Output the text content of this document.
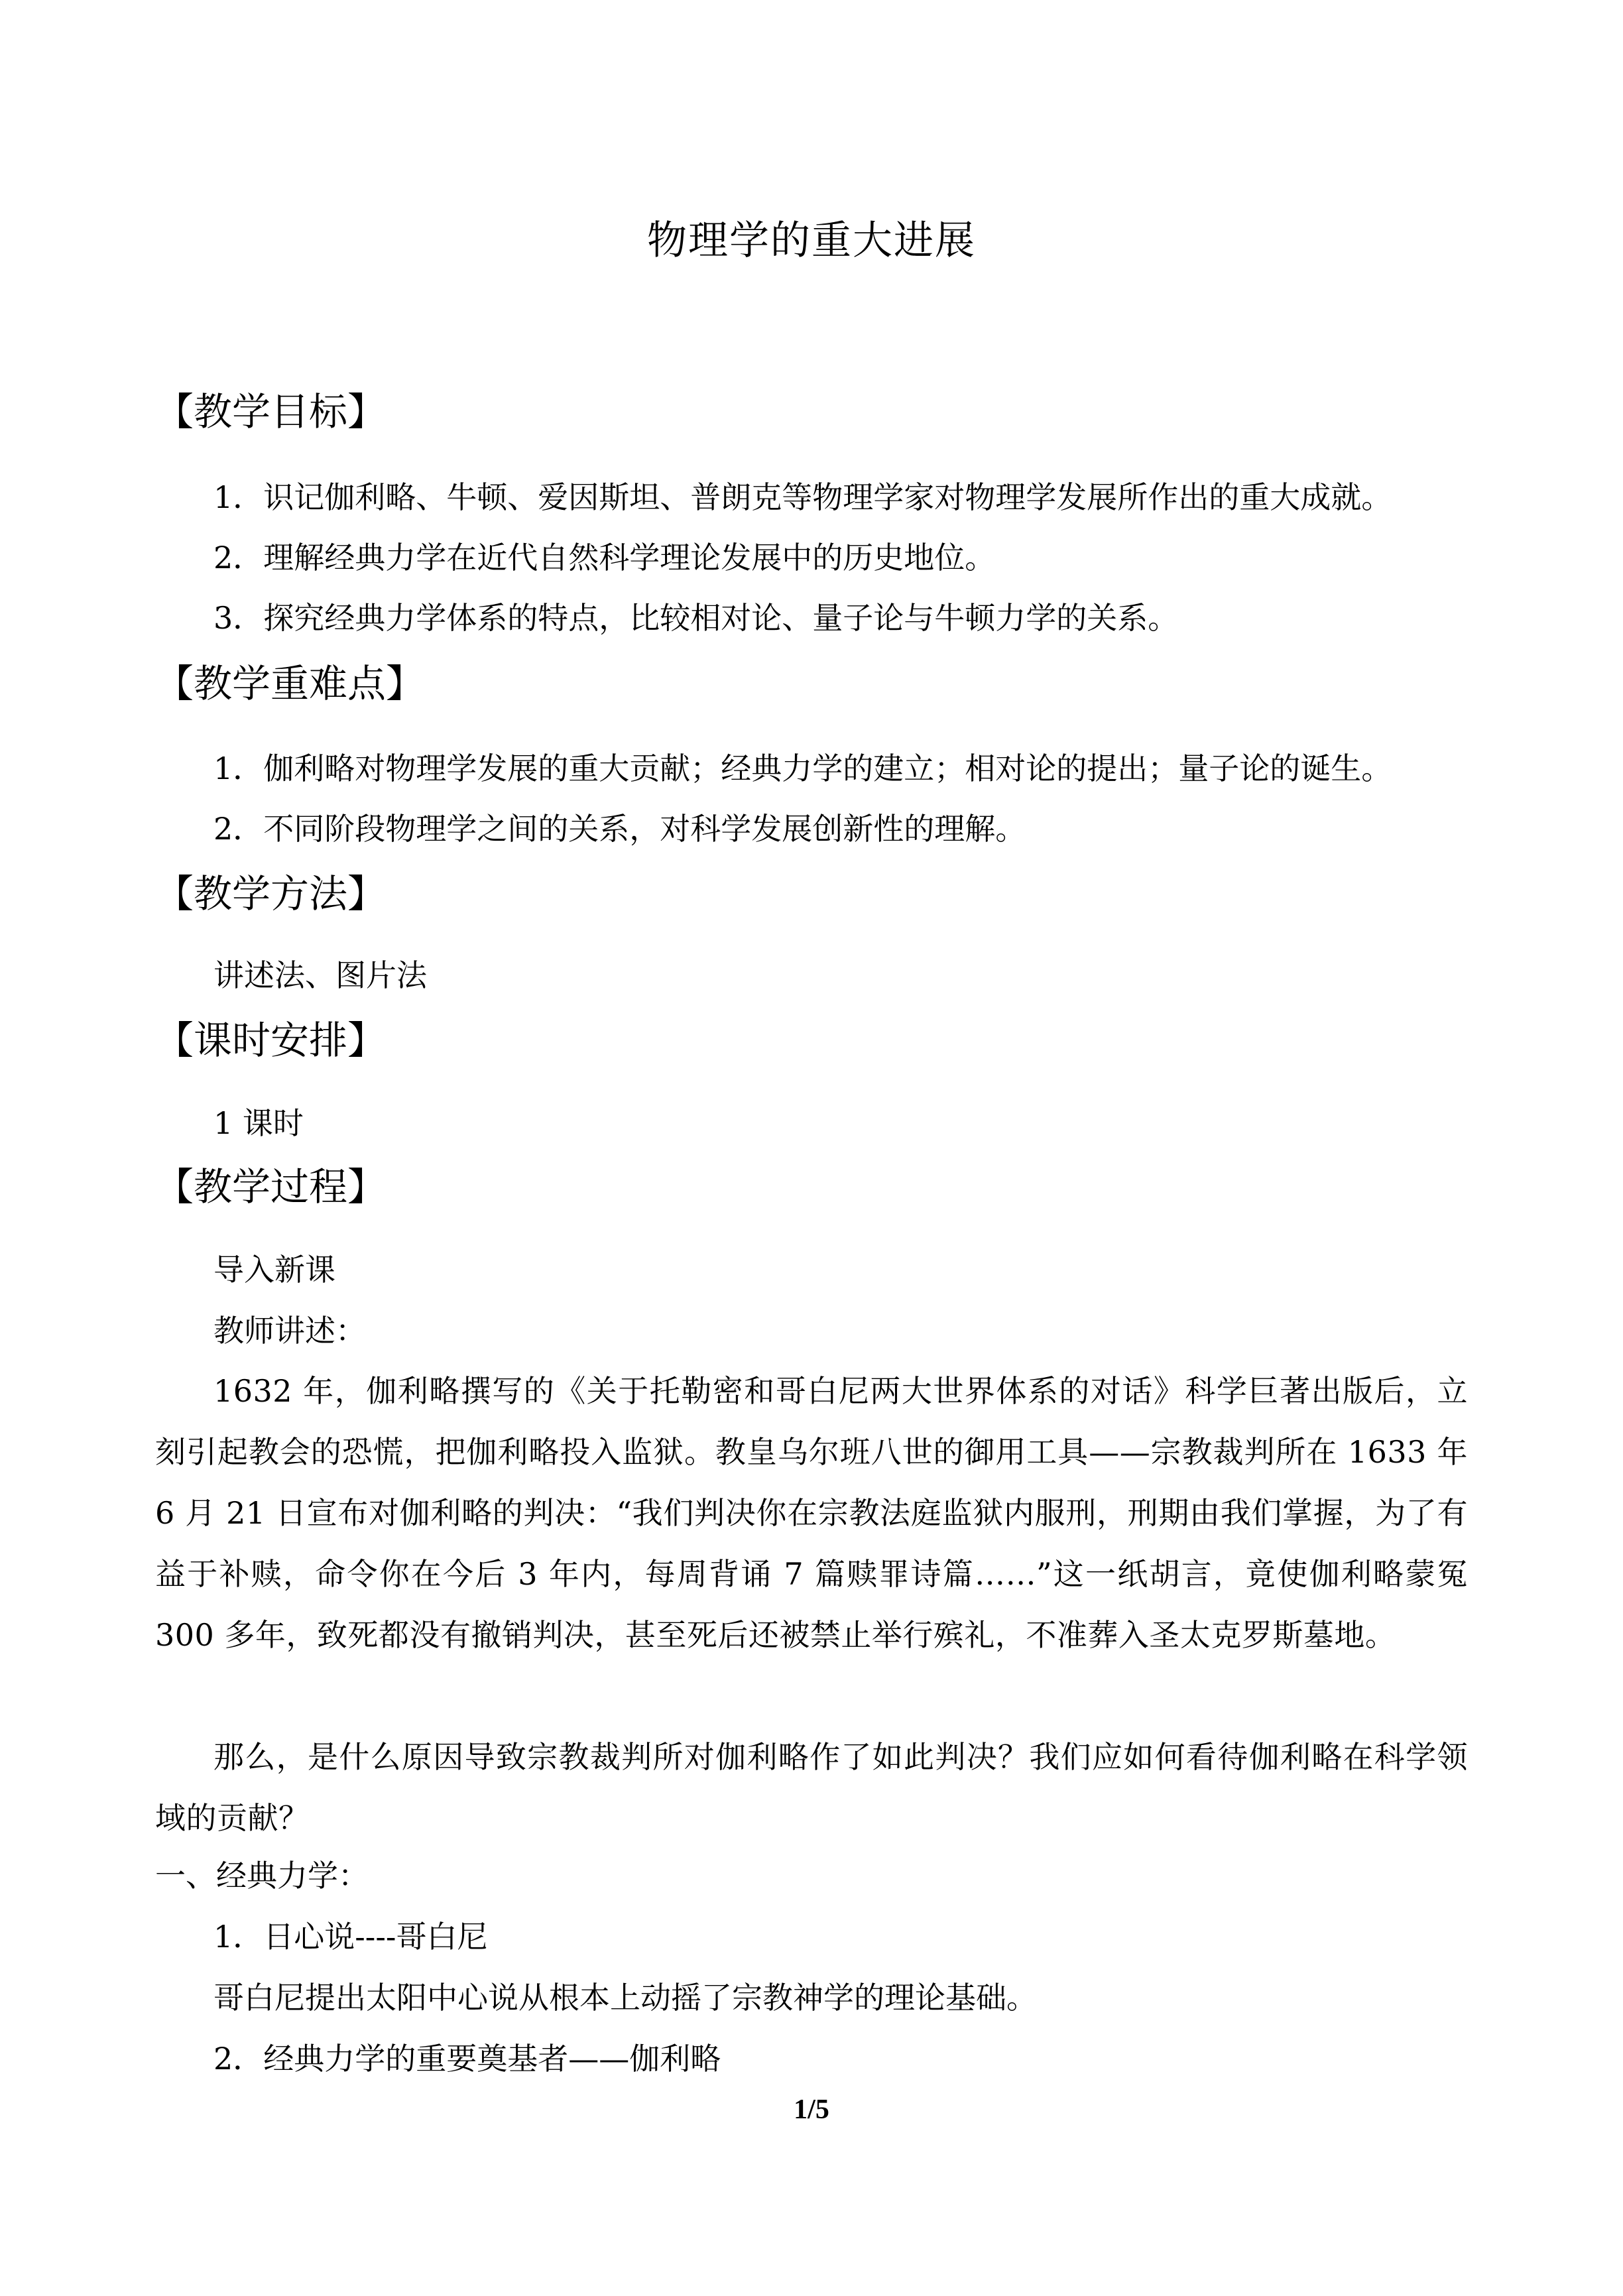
物理学的重大进展
【教学目标】
1．识记伽利略、牛顿、爱因斯坦、普朗克等物理学家对物理学发展所作出的重大成就。
2．理解经典力学在近代自然科学理论发展中的历史地位。
3．探究经典力学体系的特点，比较相对论、量子论与牛顿力学的关系。
【教学重难点】
1．伽利略对物理学发展的重大贡献；经典力学的建立；相对论的提出；量子论的诞生。
2．不同阶段物理学之间的关系，对科学发展创新性的理解。
【教学方法】
讲述法、图片法
【课时安排】
1 课时
【教学过程】
导入新课
教师讲述：
1632 年，伽利略撰写的《关于托勒密和哥白尼两大世界体系的对话》科学巨著出版后，立刻引起教会的恐慌，把伽利略投入监狱。教皇乌尔班八世的御用工具——宗教裁判所在 1633 年 6 月 21 日宣布对伽利略的判决：“我们判决你在宗教法庭监狱内服刑，刑期由我们掌握，为了有益于补赎，命令你在今后 3 年内，每周背诵 7 篇赎罪诗篇……”这一纸胡言，竟使伽利略蒙冤 300 多年，致死都没有撤销判决，甚至死后还被禁止举行殡礼，不准葬入圣太克罗斯墓地。
那么，是什么原因导致宗教裁判所对伽利略作了如此判决？我们应如何看待伽利略在科学领域的贡献？
一、经典力学：
1．日心说----哥白尼
哥白尼提出太阳中心说从根本上动摇了宗教神学的理论基础。
2．经典力学的重要奠基者——伽利略
1/5
